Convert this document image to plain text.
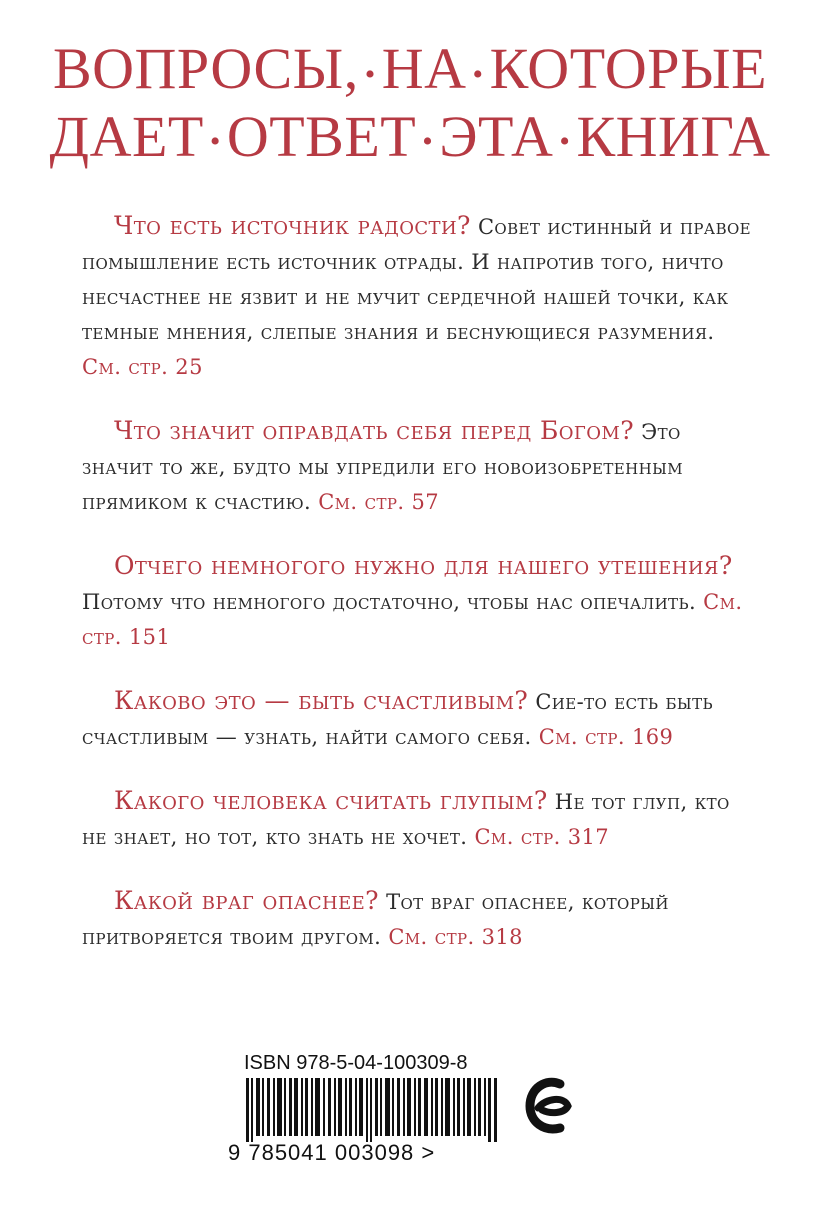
ВОПРОСЫ, • НА • КОТОРЫЕ
ДАЕТ • ОТВЕТ • ЭТА • КНИГА

Что есть источник радости? Совет истинный и правое помышление есть источник отрады. И напротив того, ничто несчастнее не язвит и не мучит сердечной нашей точки, как темные мнения, слепые знания и беснующиеся разумения. См. стр. 25

Что значит оправдать себя перед Богом? Это значит то же, будто мы упредили его новоизобретенным прямиком к счастию. См. стр. 57

Отчего немногого нужно для нашего утешения? Потому что немногого достаточно, чтобы нас опечалить. См. стр. 151

Каково это — быть счастливым? Сие-то есть быть счастливым — узнать, найти самого себя. См. стр. 169

Какого человека считать глупым? Не тот глуп, кто не знает, но тот, кто знать не хочет. См. стр. 317

Какой враг опаснее? Тот враг опаснее, который притворяется твоим другом. См. стр. 318

ISBN 978-5-04-100309-8
9 785041 003098 >
